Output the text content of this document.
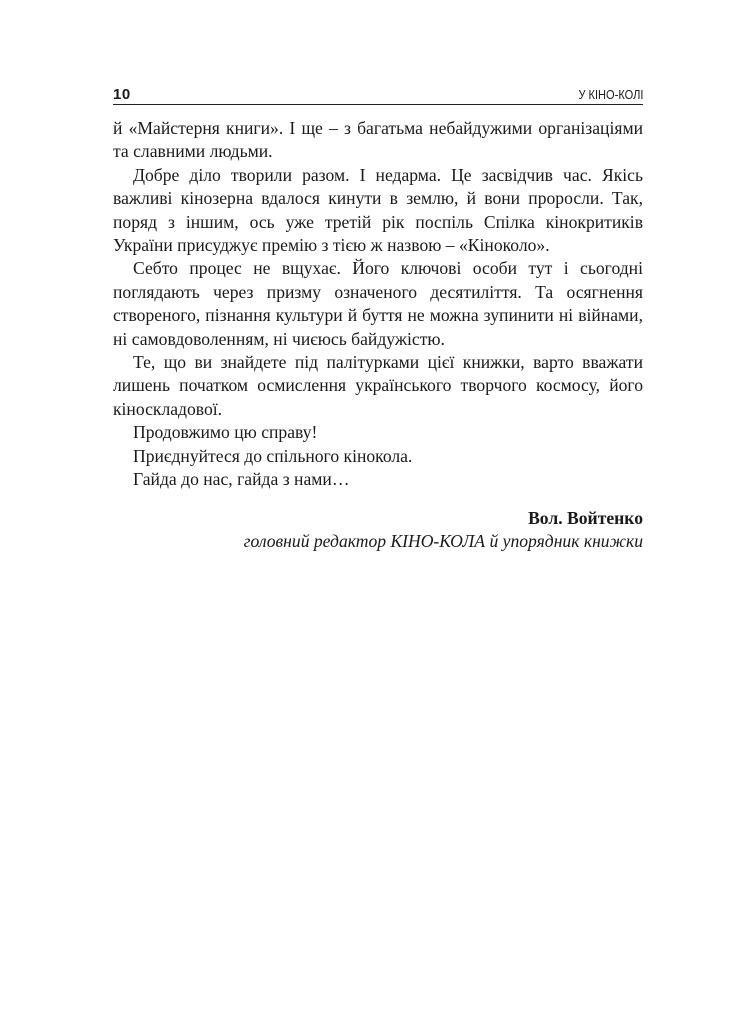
10	У КІНО-КОЛІ

й «Майстерня книги». І ще – з багатьма небайдужими організаціями та славними людьми.

Добре діло творили разом. І недарма. Це засвідчив час. Якісь важливі кінозерна вдалося кинути в землю, й вони проросли. Так, поряд з іншим, ось уже третій рік поспіль Спілка кінокритиків України присуджує премію з тією ж назвою – «Кіноколо».

Себто процес не вщухає. Його ключові особи тут і сьогодні поглядають через призму означеного десятиліття. Та осягнення створеного, пізнання культури й буття не можна зупинити ні війнами, ні самовдоволенням, ні чиєюсь байдужістю.

Те, що ви знайдете під палітурками цієї книжки, варто вважати лишень початком осмислення українського творчого космосу, його кіноскладової.

Продовжимо цю справу!

Приєднуйтеся до спільного кінокола.

Гайда до нас, гайда з нами…

Вол. Войтенко
головний редактор КІНО-КОЛА й упорядник книжки
